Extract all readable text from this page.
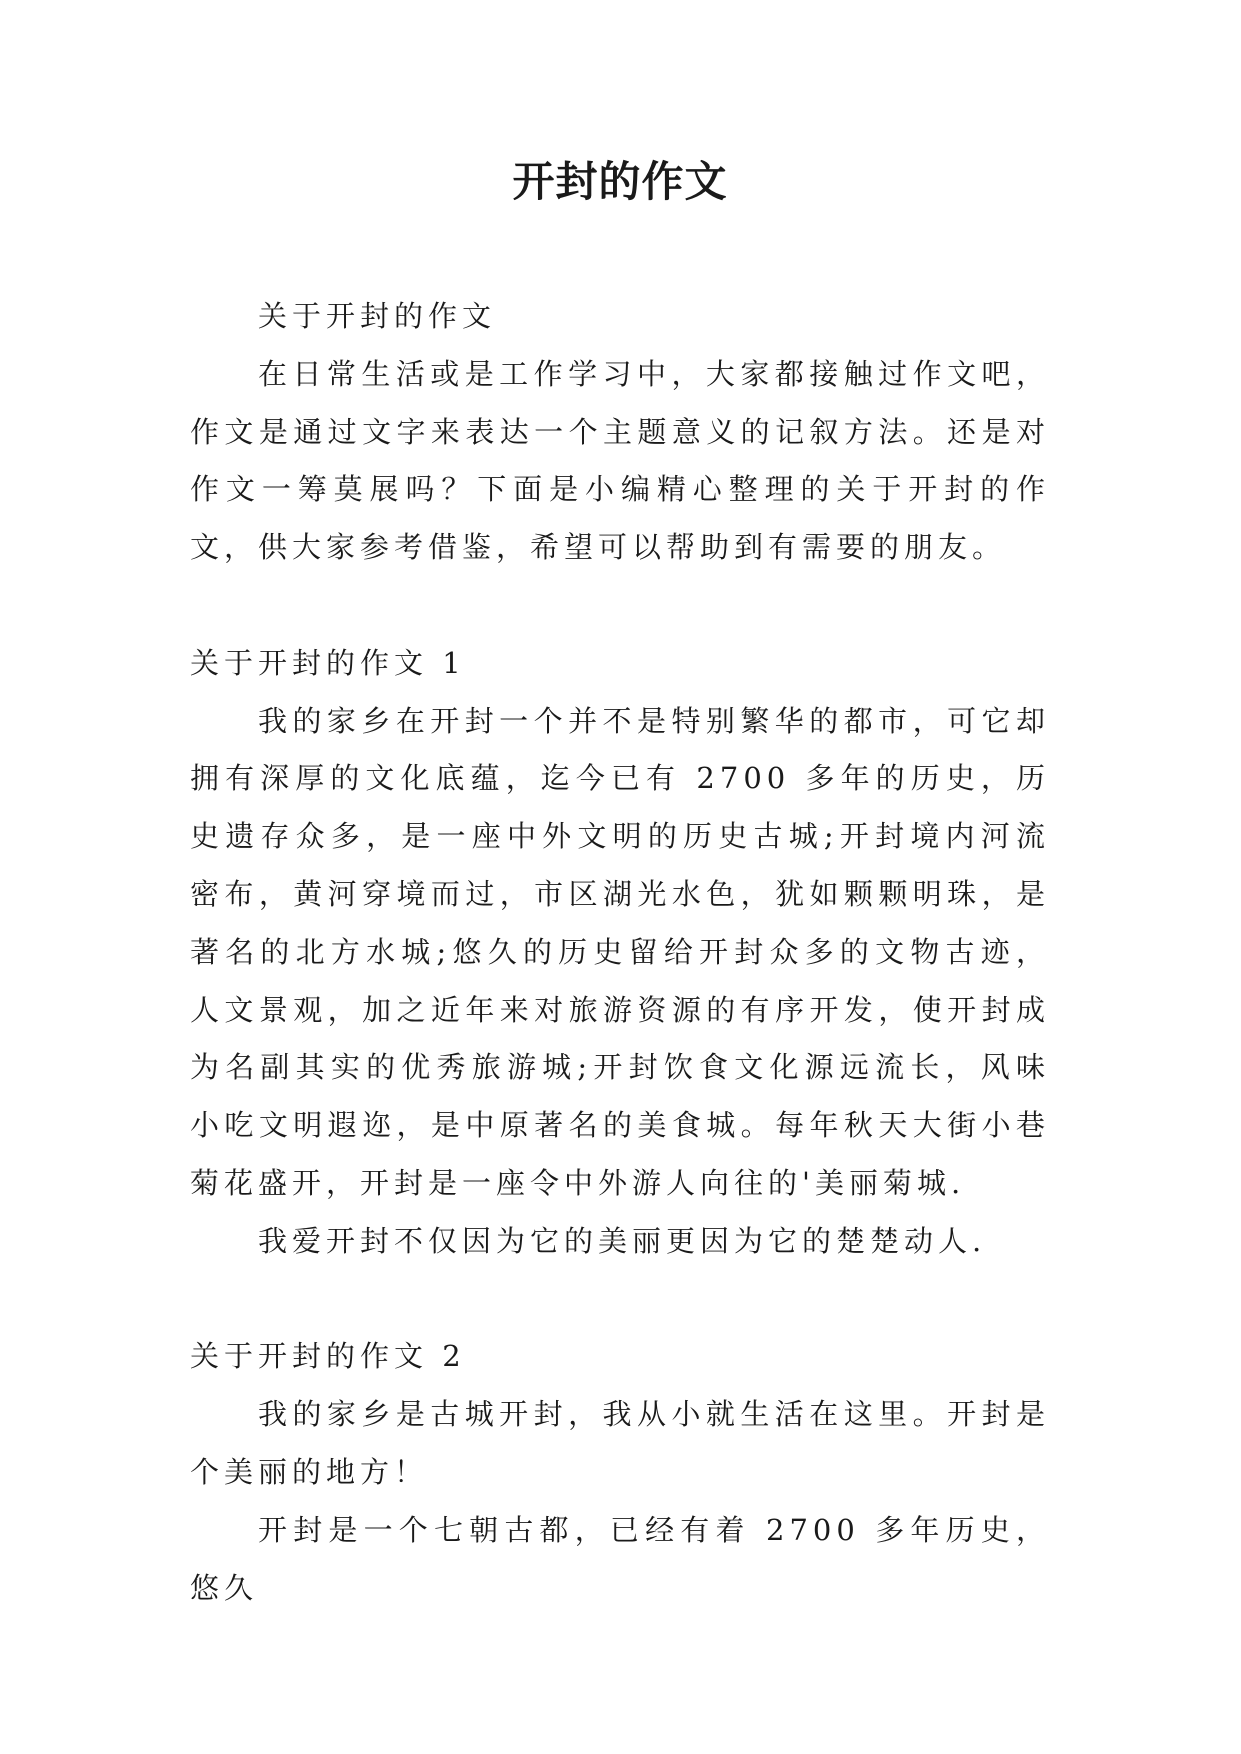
开封的作文

关于开封的作文

在日常生活或是工作学习中，大家都接触过作文吧，作文是通过文字来表达一个主题意义的记叙方法。还是对作文一筹莫展吗？下面是小编精心整理的关于开封的作文，供大家参考借鉴，希望可以帮助到有需要的朋友。

关于开封的作文 1

我的家乡在开封一个并不是特别繁华的都市，可它却拥有深厚的文化底蕴，迄今已有 2700 多年的历史，历史遗存众多，是一座中外文明的历史古城;开封境内河流密布，黄河穿境而过，市区湖光水色，犹如颗颗明珠，是著名的北方水城;悠久的历史留给开封众多的文物古迹，人文景观，加之近年来对旅游资源的有序开发，使开封成为名副其实的优秀旅游城;开封饮食文化源远流长，风味小吃文明遐迩，是中原著名的美食城。每年秋天大街小巷菊花盛开，开封是一座令中外游人向往的'美丽菊城.

我爱开封不仅因为它的美丽更因为它的楚楚动人.

关于开封的作文 2

我的家乡是古城开封，我从小就生活在这里。开封是个美丽的地方！

开封是一个七朝古都，已经有着 2700 多年历史，悠久
